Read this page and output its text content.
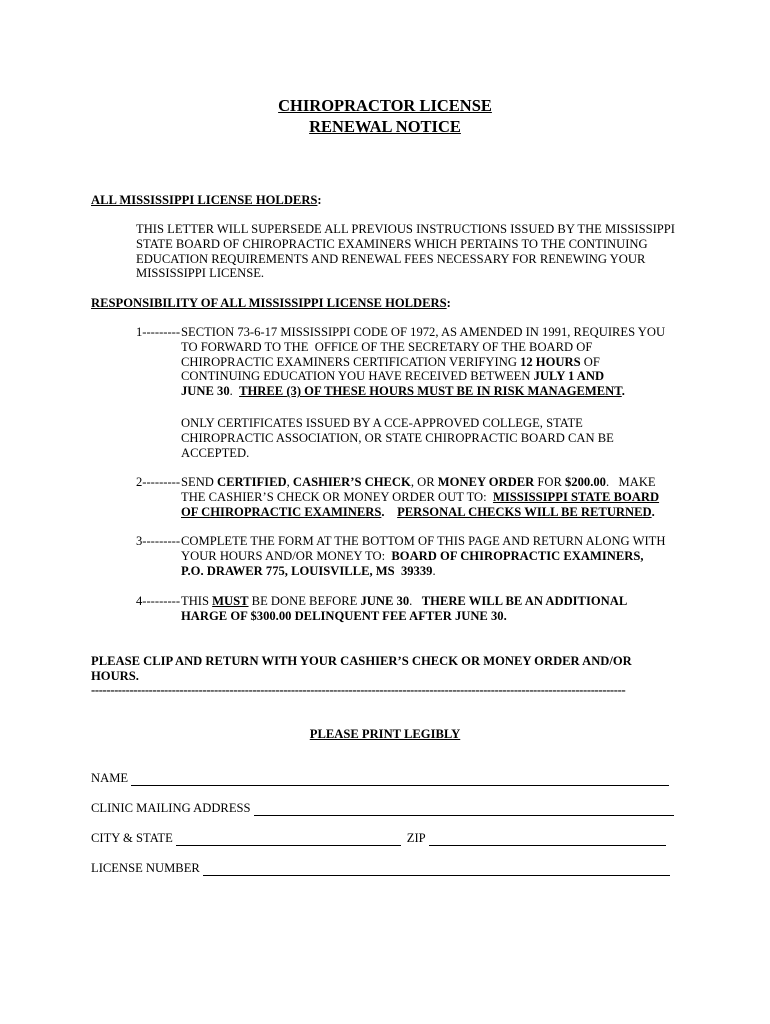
CHIROPRACTOR LICENSE
RENEWAL NOTICE
ALL MISSISSIPPI LICENSE HOLDERS:
THIS LETTER WILL SUPERSEDE ALL PREVIOUS INSTRUCTIONS ISSUED BY THE MISSISSIPPI
STATE BOARD OF CHIROPRACTIC EXAMINERS WHICH PERTAINS TO THE CONTINUING
EDUCATION REQUIREMENTS AND RENEWAL FEES NECESSARY FOR RENEWING YOUR
MISSISSIPPI LICENSE.
RESPONSIBILITY OF ALL MISSISSIPPI LICENSE HOLDERS:
1--------- SECTION 73-6-17 MISSISSIPPI CODE OF 1972, AS AMENDED IN 1991, REQUIRES YOU
TO FORWARD TO THE  OFFICE OF THE SECRETARY OF THE BOARD OF
CHIROPRACTIC EXAMINERS CERTIFICATION VERIFYING 12 HOURS OF
CONTINUING EDUCATION YOU HAVE RECEIVED BETWEEN JULY 1 AND
JUNE 30.  THREE (3) OF THESE HOURS MUST BE IN RISK MANAGEMENT.
ONLY CERTIFICATES ISSUED BY A CCE-APPROVED COLLEGE, STATE
CHIROPRACTIC ASSOCIATION, OR STATE CHIROPRACTIC BOARD CAN BE
ACCEPTED.
2--------- SEND CERTIFIED, CASHIER’S CHECK, OR MONEY ORDER FOR $200.00.   MAKE
THE CASHIER’S CHECK OR MONEY ORDER OUT TO:  MISSISSIPPI STATE BOARD
OF CHIROPRACTIC EXAMINERS.    PERSONAL CHECKS WILL BE RETURNED.
3--------- COMPLETE THE FORM AT THE BOTTOM OF THIS PAGE AND RETURN ALONG WITH
YOUR HOURS AND/OR MONEY TO:  BOARD OF CHIROPRACTIC EXAMINERS,
P.O. DRAWER 775, LOUISVILLE, MS  39339.
4--------- THIS MUST BE DONE BEFORE JUNE 30.   THERE WILL BE AN ADDITIONAL
HARGE OF $300.00 DELINQUENT FEE AFTER JUNE 30.
PLEASE CLIP AND RETURN WITH YOUR CASHIER’S CHECK OR MONEY ORDER AND/OR
HOURS.
-------------------------------------------------------------------------------------------------------------------------------------------
PLEASE PRINT LEGIBLY
NAME
CLINIC MAILING ADDRESS
CITY & STATE	ZIP
LICENSE NUMBER
